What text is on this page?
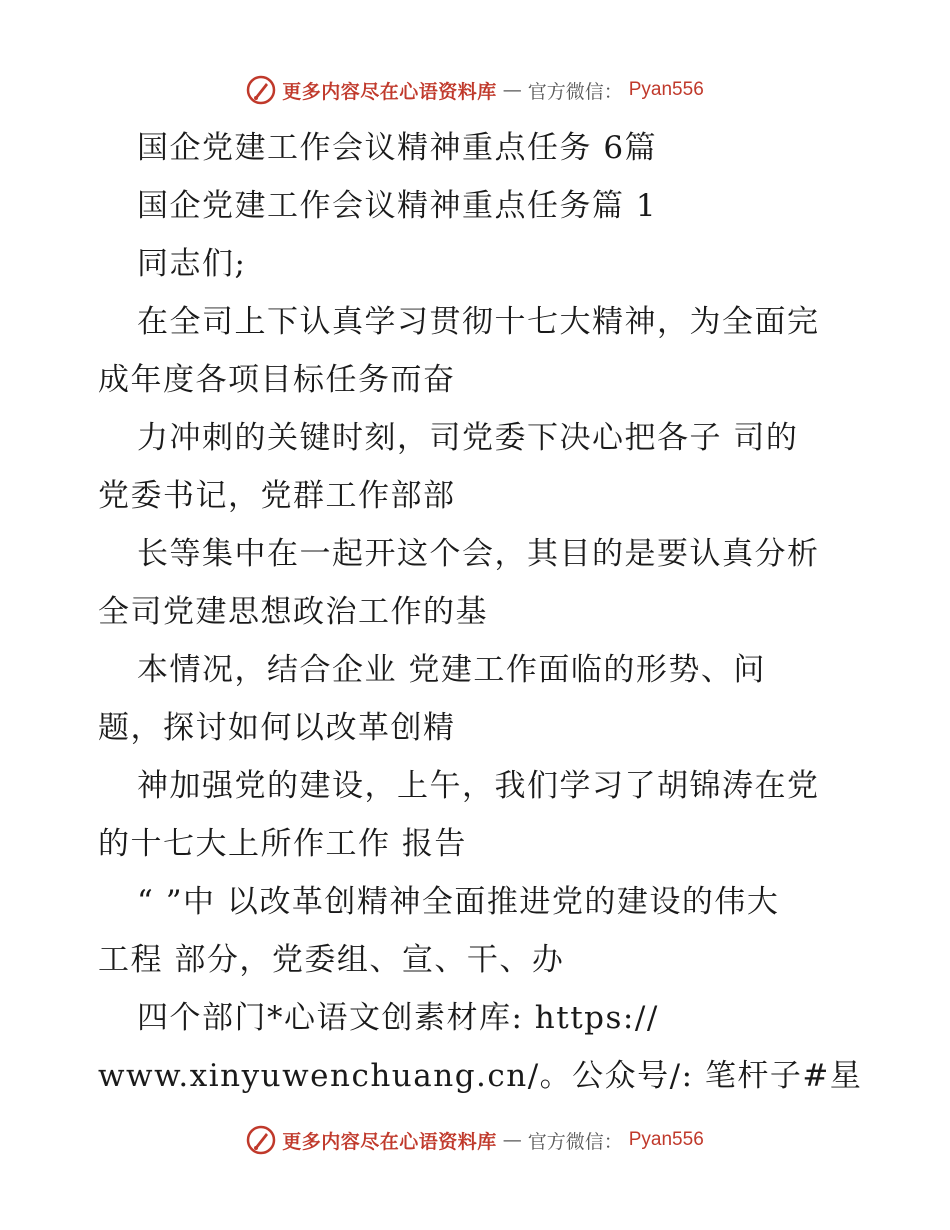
更多内容尽在心语资料库 — 官方微信： Pyan556
国企党建工作会议精神重点任务 6篇
国企党建工作会议精神重点任务篇 1
同志们;
在全司上下认真学习贯彻十七大精神，为全面完
成年度各项目标任务而奋
力冲刺的关键时刻，司党委下决心把各子 司的
党委书记，党群工作部部
长等集中在一起开这个会，其目的是要认真分析
全司党建思想政治工作的基
本情况，结合企业 党建工作面临的形势、问
题，探讨如何以改革创精
神加强党的建设，上午，我们学习了胡锦涛在党
的十七大上所作工作 报告
“ ”中 以改革创精神全面推进党的建设的伟大
工程 部分，党委组、宣、干、办
四个部门*心语文创素材库: https://
www.xinyuwenchuang.cn/。公众号/: 笔杆子#星
更多内容尽在心语资料库 — 官方微信： Pyan556
